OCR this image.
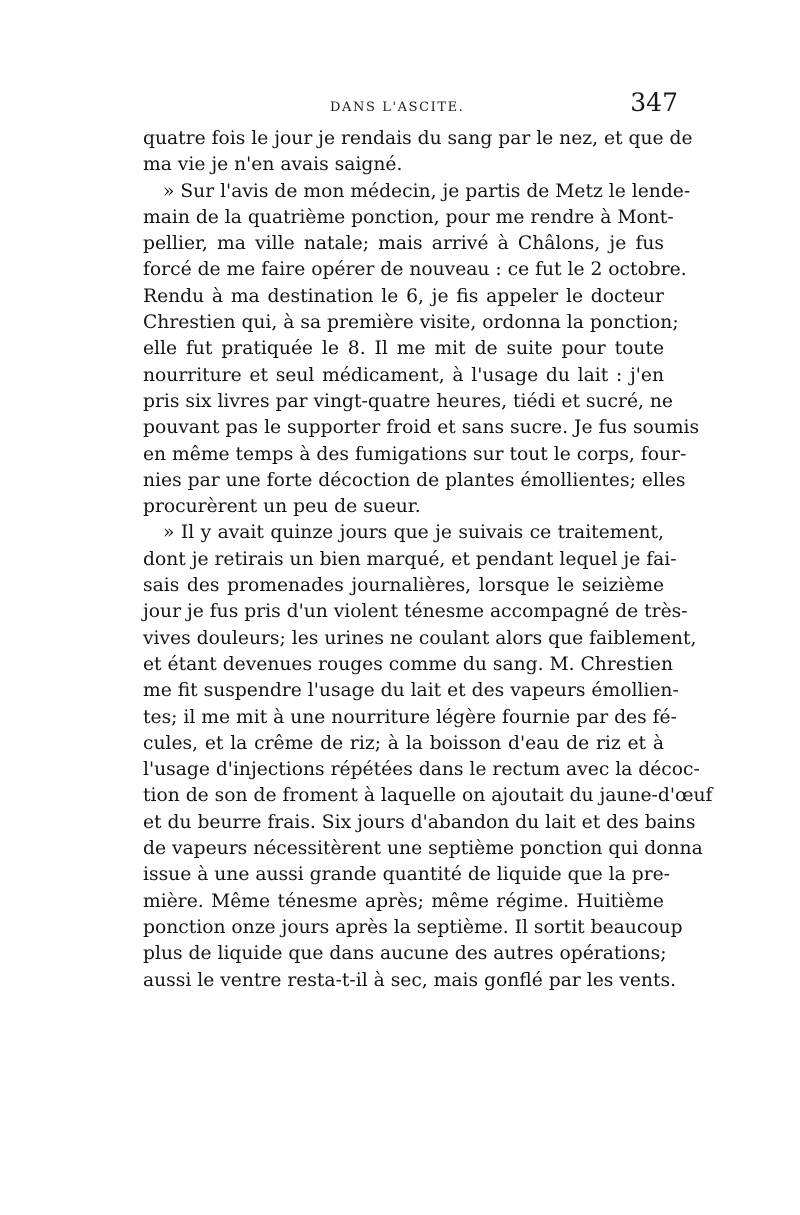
DANS L'ASCITE.	347
quatre fois le jour je rendais du sang par le nez, et que de
ma vie je n'en avais saigné.
» Sur l'avis de mon médecin, je partis de Metz le lende-
main de la quatrième ponction, pour me rendre à Mont-
pellier, ma ville natale; mais arrivé à Châlons, je fus
forcé de me faire opérer de nouveau : ce fut le 2 octobre.
Rendu à ma destination le 6, je fis appeler le docteur
Chrestien qui, à sa première visite, ordonna la ponction;
elle fut pratiquée le 8. Il me mit de suite pour toute
nourriture et seul médicament, à l'usage du lait : j'en
pris six livres par vingt-quatre heures, tiédi et sucré, ne
pouvant pas le supporter froid et sans sucre. Je fus soumis
en même temps à des fumigations sur tout le corps, four-
nies par une forte décoction de plantes émollientes; elles
procurèrent un peu de sueur.
» Il y avait quinze jours que je suivais ce traitement,
dont je retirais un bien marqué, et pendant lequel je fai-
sais des promenades journalières, lorsque le seizième
jour je fus pris d'un violent ténesme accompagné de très-
vives douleurs; les urines ne coulant alors que faiblement,
et étant devenues rouges comme du sang. M. Chrestien
me fit suspendre l'usage du lait et des vapeurs émollien-
tes; il me mit à une nourriture légère fournie par des fé-
cules, et la crême de riz; à la boisson d'eau de riz et à
l'usage d'injections répétées dans le rectum avec la décoc-
tion de son de froment à laquelle on ajoutait du jaune-d'œuf
et du beurre frais. Six jours d'abandon du lait et des bains
de vapeurs nécessitèrent une septième ponction qui donna
issue à une aussi grande quantité de liquide que la pre-
mière. Même ténesme après; même régime. Huitième
ponction onze jours après la septième. Il sortit beaucoup
plus de liquide que dans aucune des autres opérations;
aussi le ventre resta-t-il à sec, mais gonflé par les vents.
